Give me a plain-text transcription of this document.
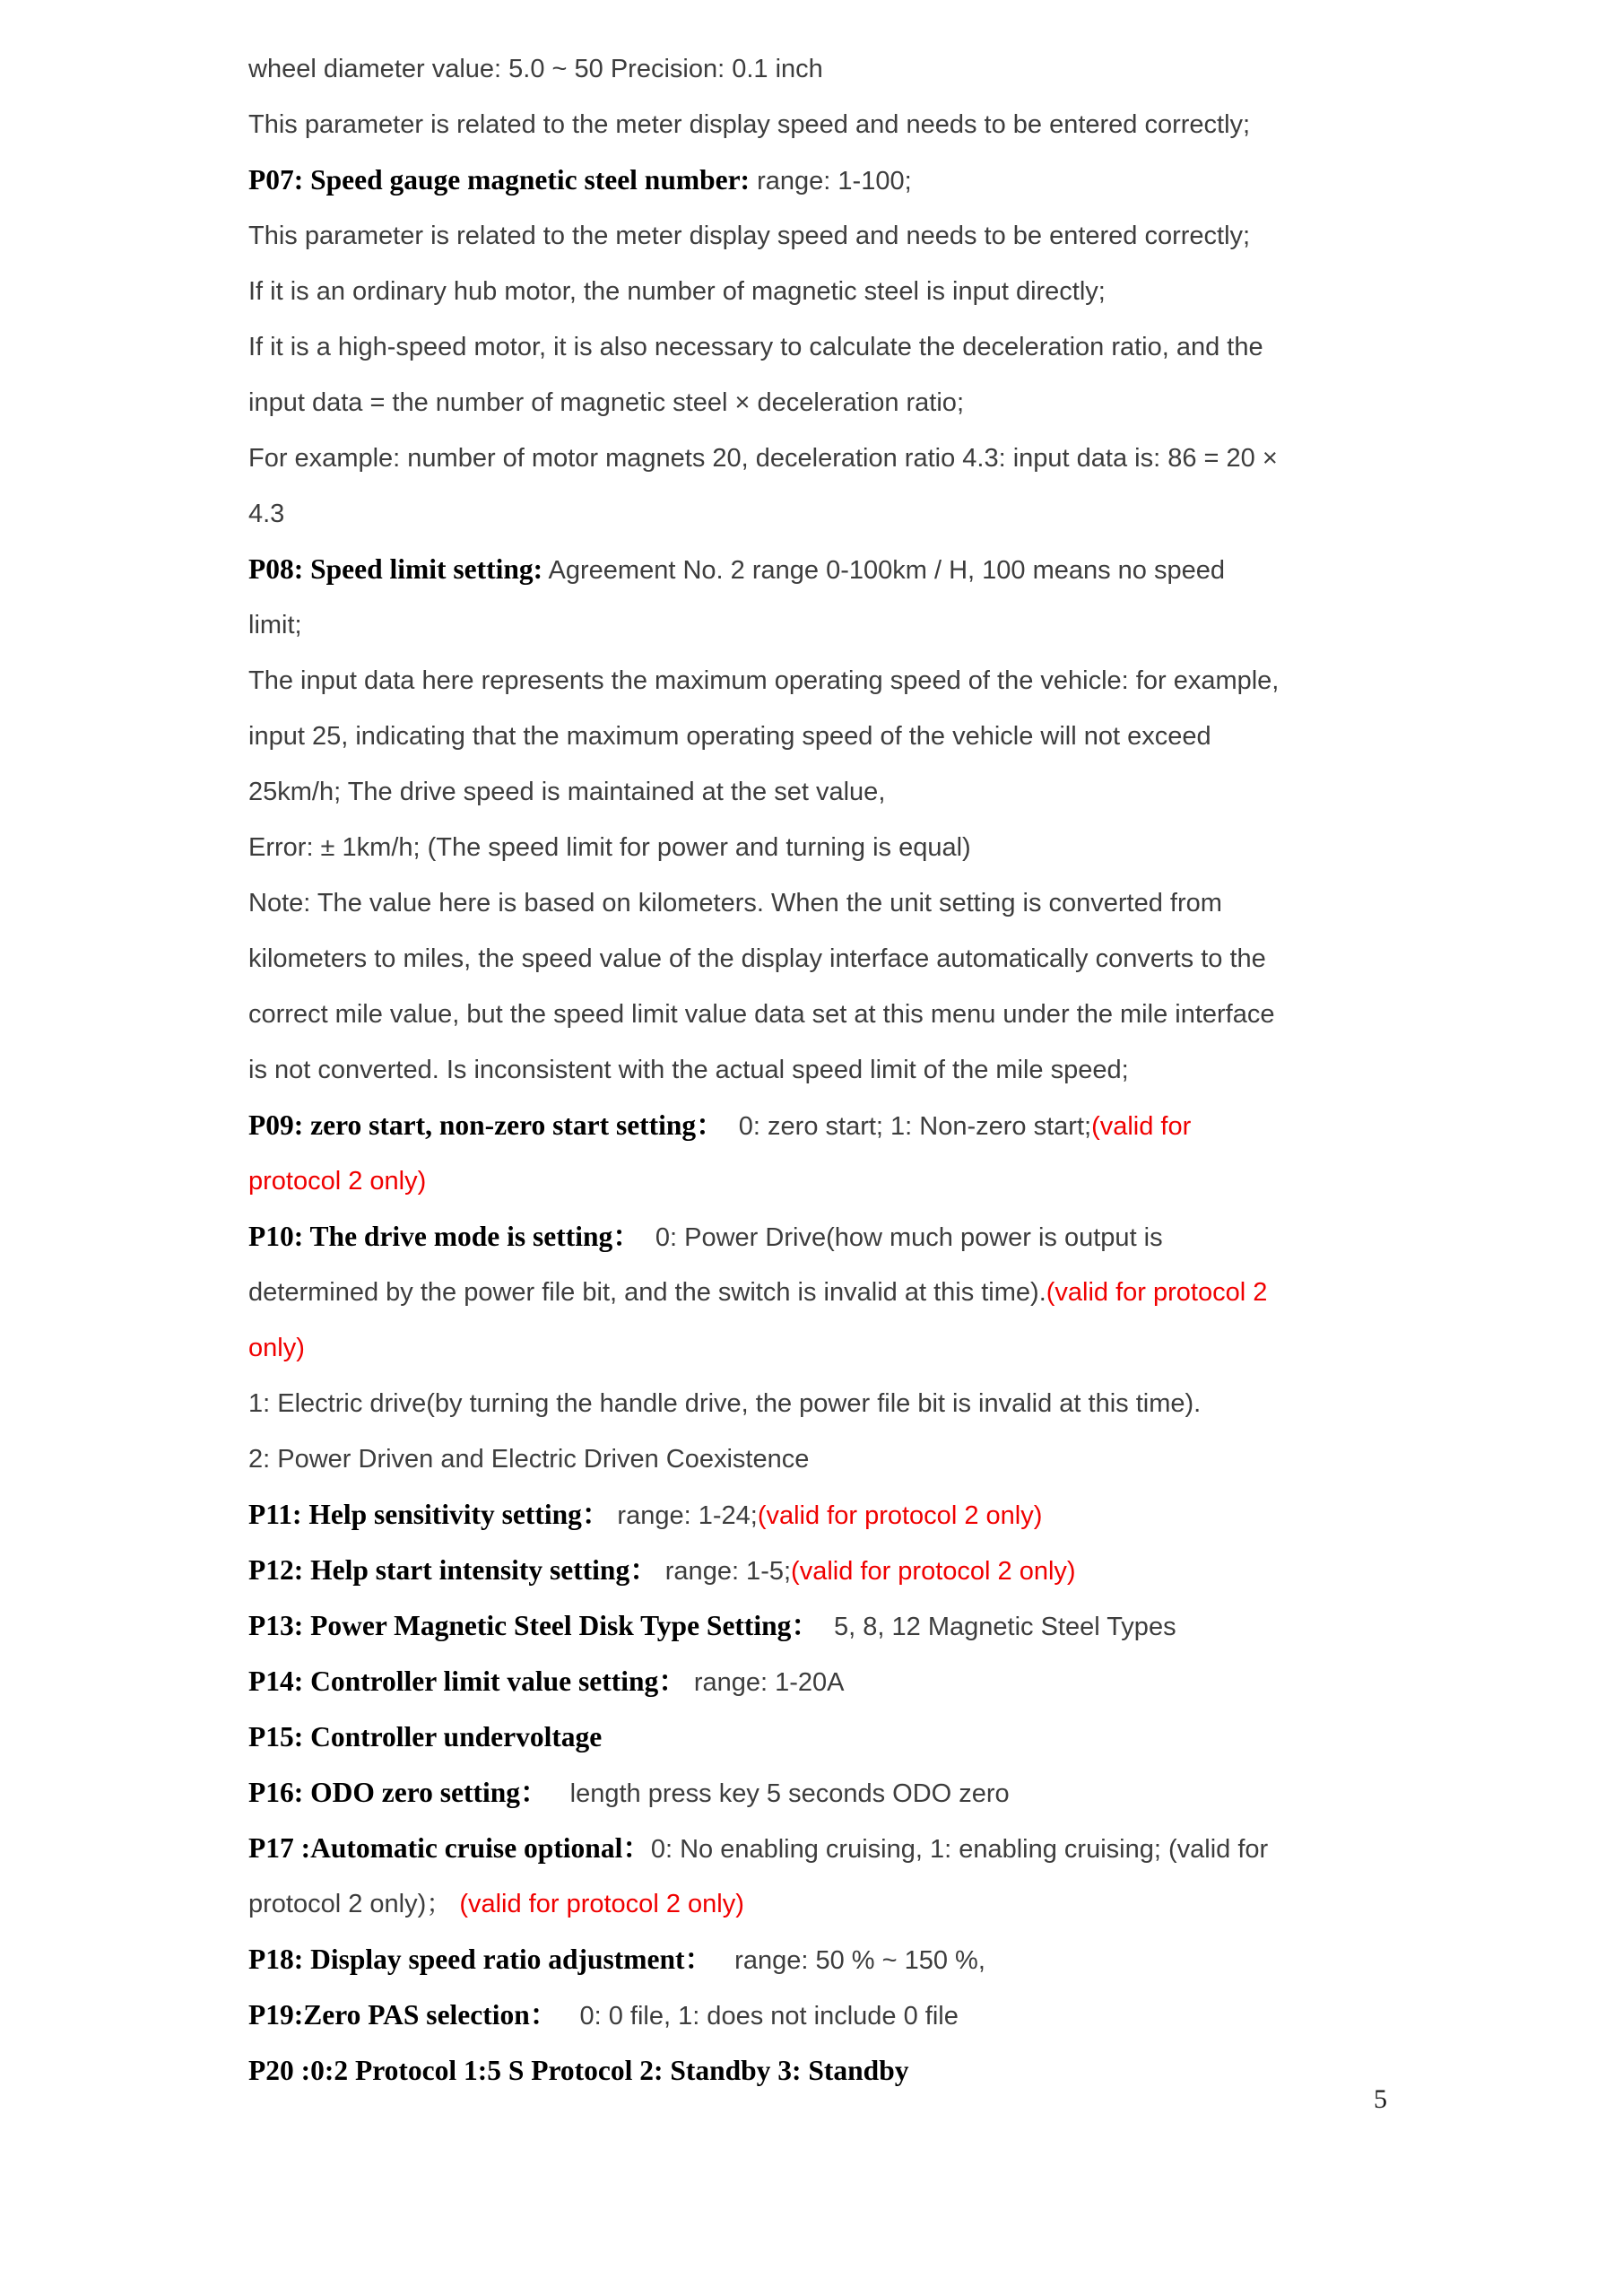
wheel diameter value: 5.0 ~ 50 Precision: 0.1 inch
This parameter is related to the meter display speed and needs to be entered correctly;
P07: Speed gauge magnetic steel number: range: 1-100;
This parameter is related to the meter display speed and needs to be entered correctly;
If it is an ordinary hub motor, the number of magnetic steel is input directly;
If it is a high-speed motor, it is also necessary to calculate the deceleration ratio, and the
input data = the number of magnetic steel × deceleration ratio;
For example: number of motor magnets 20, deceleration ratio 4.3: input data is: 86 = 20 ×
4.3
P08: Speed limit setting: Agreement No. 2 range 0-100km / H, 100 means no speed
limit;
The input data here represents the maximum operating speed of the vehicle: for example,
input 25, indicating that the maximum operating speed of the vehicle will not exceed
25km/h; The drive speed is maintained at the set value,
Error: ± 1km/h; (The speed limit for power and turning is equal)
Note: The value here is based on kilometers. When the unit setting is converted from
kilometers to miles, the speed value of the display interface automatically converts to the
correct mile value, but the speed limit value data set at this menu under the mile interface
is not converted. Is inconsistent with the actual speed limit of the mile speed;
P09: zero start, non-zero start setting：  0: zero start; 1: Non-zero start;(valid for
protocol 2 only)
P10: The drive mode is setting：  0: Power Drive(how much power is output is
determined by the power file bit, and the switch is invalid at this time).(valid for protocol 2
only)
1: Electric drive(by turning the handle drive, the power file bit is invalid at this time).
2: Power Driven and Electric Driven Coexistence
P11: Help sensitivity setting： range: 1-24;(valid for protocol 2 only)
P12: Help start intensity setting： range: 1-5;(valid for protocol 2 only)
P13: Power Magnetic Steel Disk Type Setting：  5, 8, 12 Magnetic Steel Types
P14: Controller limit value setting： range: 1-20A
P15: Controller undervoltage
P16: ODO zero setting：   length press key 5 seconds ODO zero
P17 :Automatic cruise optional：0: No enabling cruising, 1: enabling cruising; (valid for
protocol 2 only)； (valid for protocol 2 only)
P18: Display speed ratio adjustment：   range: 50 % ~ 150 %,
P19:Zero PAS selection：   0: 0 file, 1: does not include 0 file
P20 :0:2 Protocol 1:5 S Protocol 2: Standby 3: Standby
5
